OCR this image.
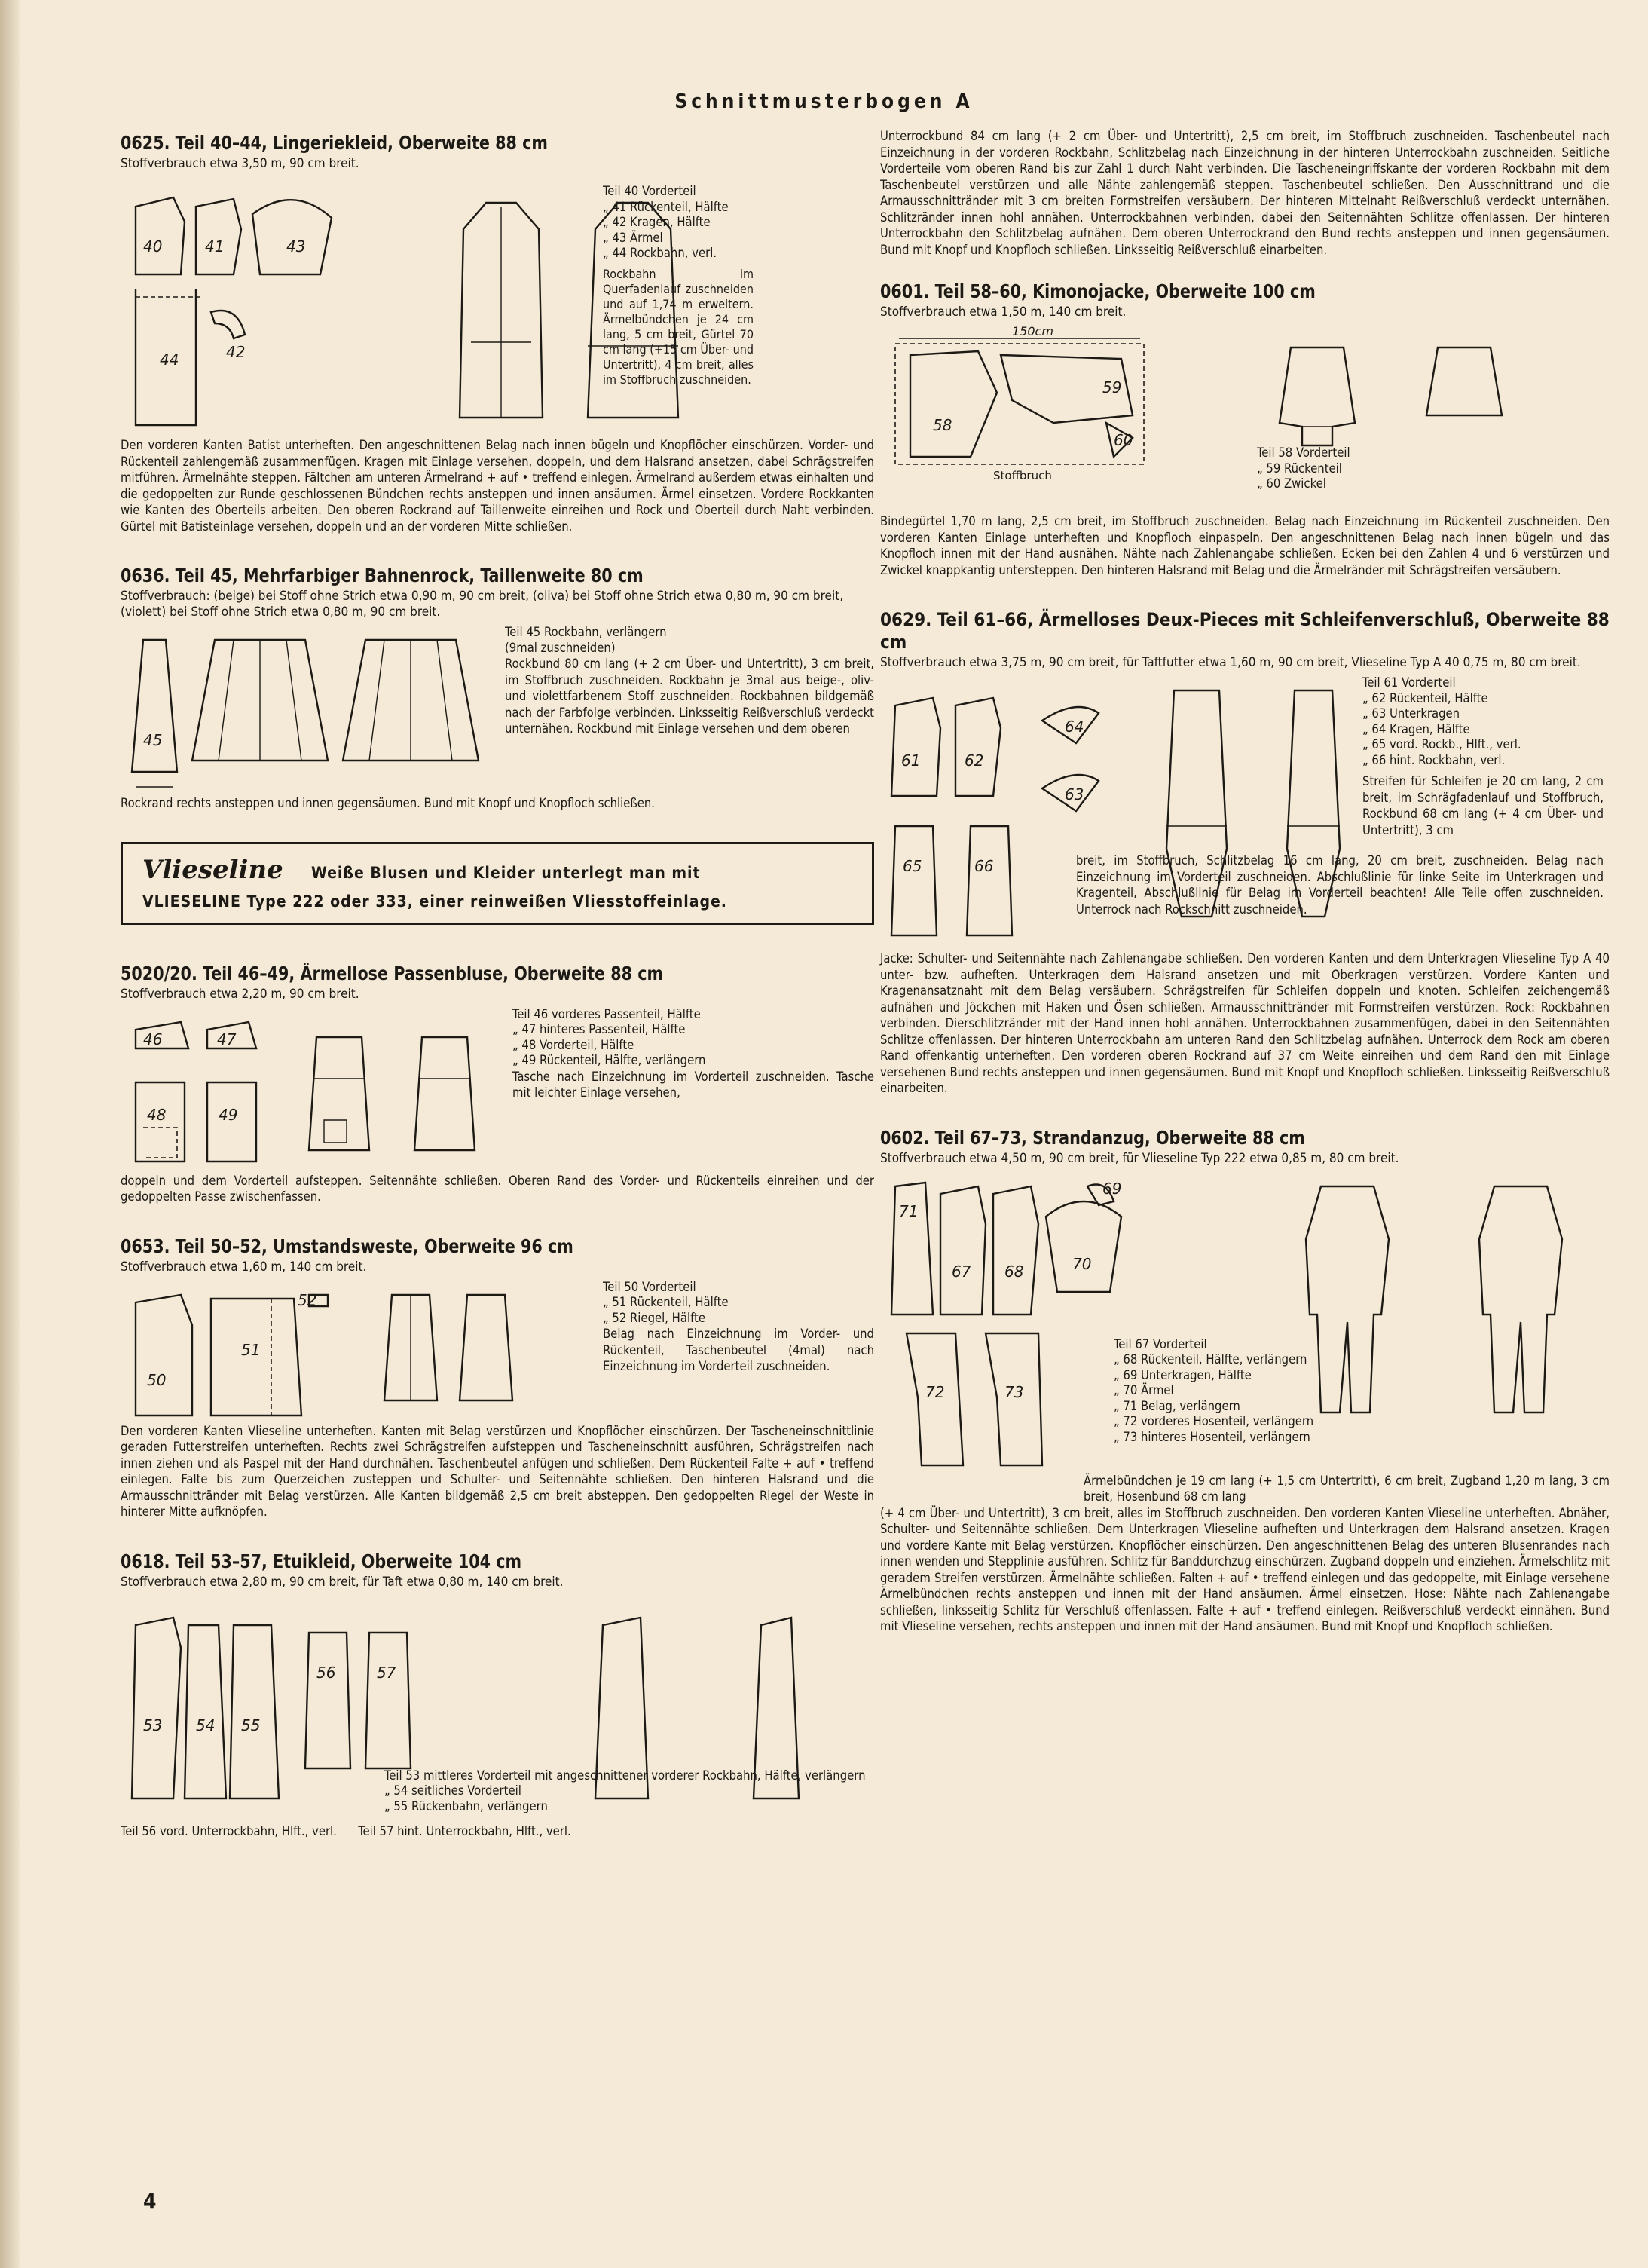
Schnittmusterbogen A
0625. Teil 40–44, Lingeriekleid, Oberweite 88 cm
Stoffverbrauch etwa 3,50 m, 90 cm breit.
40	41	43
42
44
Teil 40 Vorderteil
„ 41 Rückenteil, Hälfte
„ 42 Kragen, Hälfte
„ 43 Ärmel
„ 44 Rockbahn, verl.

Rockbahn im Querfadenlauf zuschneiden und auf 1,74 m erweitern. Ärmelbündchen je 24 cm lang, 5 cm breit, Gürtel 70 cm lang (+15 cm Über- und Untertritt), 4 cm breit, alles im Stoffbruch zuschneiden.

Den vorderen Kanten Batist unterheften. Den angeschnittenen Belag nach innen bügeln und Knopflöcher einschürzen. Vorder- und Rückenteil zahlengemäß zusammenfügen. Kragen mit Einlage versehen, doppeln, und dem Halsrand ansetzen, dabei Schrägstreifen mitführen. Ärmelnähte steppen. Fältchen am unteren Ärmelrand + auf • treffend einlegen. Ärmelrand außerdem etwas einhalten und die gedoppelten zur Runde geschlossenen Bündchen rechts ansteppen und innen ansäumen. Ärmel einsetzen. Vordere Rockkanten wie Kanten des Oberteils arbeiten. Den oberen Rockrand auf Taillenweite einreihen und Rock und Oberteil durch Naht verbinden. Gürtel mit Batisteinlage versehen, doppeln und an der vorderen Mitte schließen.

0636. Teil 45, Mehrfarbiger Bahnenrock, Taillenweite 80 cm
Stoffverbrauch: (beige) bei Stoff ohne Strich etwa 0,90 m, 90 cm breit, (oliva) bei Stoff ohne Strich etwa 0,80 m, 90 cm breit, (violett) bei Stoff ohne Strich etwa 0,80 m, 90 cm breit.
45
Teil 45 Rockbahn, verlängern
(9mal zuschneiden)

Rockbund 80 cm lang (+ 2 cm Über- und Untertritt), 3 cm breit, im Stoffbruch zuschneiden. Rockbahn je 3mal aus beige-, oliv- und violettfarbenem Stoff zuschneiden. Rockbahnen bildgemäß nach der Farbfolge verbinden. Linksseitig Reißverschluß verdeckt unternähen. Rockbund mit Einlage versehen und dem oberen

Rockrand rechts ansteppen und innen gegensäumen. Bund mit Knopf und Knopfloch schließen.

Vlieseline Weiße Blusen und Kleider unterlegt man mit
VLIESELINE Type 222 oder 333, einer reinweißen Vliesstoffeinlage.
5020/20. Teil 46–49, Ärmellose Passenbluse, Oberweite 88 cm
Stoffverbrauch etwa 2,20 m, 90 cm breit.
46	47
48	49
Teil 46 vorderes Passenteil, Hälfte
„ 47 hinteres Passenteil, Hälfte
„ 48 Vorderteil, Hälfte
„ 49 Rückenteil, Hälfte, verlängern

Tasche nach Einzeichnung im Vorderteil zuschneiden. Tasche mit leichter Einlage versehen,

doppeln und dem Vorderteil aufsteppen. Seitennähte schließen. Oberen Rand des Vorder- und Rückenteils einreihen und der gedoppelten Passe zwischenfassen.

0653. Teil 50–52, Umstandsweste, Oberweite 96 cm
Stoffverbrauch etwa 1,60 m, 140 cm breit.
50
51
52
Teil 50 Vorderteil
„ 51 Rückenteil, Hälfte
„ 52 Riegel, Hälfte

Belag nach Einzeichnung im Vorder- und Rückenteil, Taschenbeutel (4mal) nach Einzeichnung im Vorderteil zuschneiden.

Den vorderen Kanten Vlieseline unterheften. Kanten mit Belag verstürzen und Knopflöcher einschürzen. Der Tascheneinschnittlinie geraden Futterstreifen unterheften. Rechts zwei Schrägstreifen aufsteppen und Tascheneinschnitt ausführen, Schrägstreifen nach innen ziehen und als Paspel mit der Hand durchnähen. Taschenbeutel anfügen und schließen. Dem Rückenteil Falte + auf • treffend einlegen. Falte bis zum Querzeichen zusteppen und Schulter- und Seitennähte schließen. Den hinteren Halsrand und die Armausschnittränder mit Belag verstürzen. Alle Kanten bildgemäß 2,5 cm breit absteppen. Den gedoppelten Riegel der Weste in hinterer Mitte aufknöpfen.

0618. Teil 53–57, Etuikleid, Oberweite 104 cm
Stoffverbrauch etwa 2,80 m, 90 cm breit, für Taft etwa 0,80 m, 140 cm breit.
53 54 55
56	57
Teil 53 mittleres Vorderteil mit angeschnittener vorderer Rockbahn, Hälfte, verlängern
„ 54 seitliches Vorderteil
„ 55 Rückenbahn, verlängern
Teil 56 vord. Unterrockbahn, Hlft., verl. Teil 57 hint. Unterrockbahn, Hlft., verl.
4

Unterrockbund 84 cm lang (+ 2 cm Über- und Untertritt), 2,5 cm breit, im Stoffbruch zuschneiden. Taschenbeutel nach Einzeichnung in der vorderen Rockbahn, Schlitzbelag nach Einzeichnung in der hinteren Unterrockbahn zuschneiden. Seitliche Vorderteile vom oberen Rand bis zur Zahl 1 durch Naht verbinden. Die Tascheneingriffskante der vorderen Rockbahn mit dem Taschenbeutel verstürzen und alle Nähte zahlengemäß steppen. Taschenbeutel schließen. Den Ausschnittrand und die Armausschnittränder mit 3 cm breiten Formstreifen versäubern. Der hinteren Mittelnaht Reißverschluß verdeckt unternähen. Schlitzränder innen hohl annähen. Unterrockbahnen verbinden, dabei den Seitennähten Schlitze offenlassen. Der hinteren Unterrockbahn den Schlitzbelag aufnähen. Dem oberen Unterrockrand den Bund rechts ansteppen und innen gegensäumen. Bund mit Knopf und Knopfloch schließen. Linksseitig Reißverschluß einarbeiten.

0601. Teil 58–60, Kimonojacke, Oberweite 100 cm
Stoffverbrauch etwa 1,50 m, 140 cm breit.
150cm
58
59
60
Stoffbruch
Teil 58 Vorderteil
„ 59 Rückenteil
„ 60 Zwickel

Bindegürtel 1,70 m lang, 2,5 cm breit, im Stoffbruch zuschneiden. Belag nach Einzeichnung im Rückenteil zuschneiden. Den vorderen Kanten Einlage unterheften und Knopfloch einpaspeln. Den angeschnittenen Belag nach innen bügeln und das Knopfloch innen mit der Hand ausnähen. Nähte nach Zahlenangabe schließen. Ecken bei den Zahlen 4 und 6 verstürzen und Zwickel knappkantig untersteppen. Den hinteren Halsrand mit Belag und die Ärmelränder mit Schrägstreifen versäubern.

0629. Teil 61–66, Ärmelloses Deux-Pieces mit Schleifenverschluß, Oberweite 88 cm
Stoffverbrauch etwa 3,75 m, 90 cm breit, für Taftfutter etwa 1,60 m, 90 cm breit, Vlieseline Typ A 40 0,75 m, 80 cm breit.
61	62
64
63
65	66
Teil 61 Vorderteil
„ 62 Rückenteil, Hälfte
„ 63 Unterkragen
„ 64 Kragen, Hälfte
„ 65 vord. Rockb., Hlft., verl.
„ 66 hint. Rockbahn, verl.

Streifen für Schleifen je 20 cm lang, 2 cm breit, im Schrägfadenlauf und Stoffbruch, Rockbund 68 cm lang (+ 4 cm Über- und Untertritt), 3 cm

breit, im Stoffbruch, Schlitzbelag 16 cm lang, 20 cm breit, zuschneiden. Belag nach Einzeichnung im Vorderteil zuschneiden. Abschlußlinie für linke Seite im Unterkragen und Kragenteil, Abschlußlinie für Belag im Vorderteil beachten! Alle Teile offen zuschneiden. Unterrock nach Rockschnitt zuschneiden.

Jacke: Schulter- und Seitennähte nach Zahlenangabe schließen. Den vorderen Kanten und dem Unterkragen Vlieseline Typ A 40 unter- bzw. aufheften. Unterkragen dem Halsrand ansetzen und mit Oberkragen verstürzen. Vordere Kanten und Kragenansatznaht mit dem Belag versäubern. Schrägstreifen für Schleifen doppeln und knoten. Schleifen zeichengemäß aufnähen und Jöckchen mit Haken und Ösen schließen. Armausschnittränder mit Formstreifen verstürzen. Rock: Rockbahnen verbinden. Dierschlitzränder mit der Hand innen hohl annähen. Unterrockbahnen zusammenfügen, dabei in den Seitennähten Schlitze offenlassen. Der hinteren Unterrockbahn am unteren Rand den Schlitzbelag aufnähen. Unterrock dem Rock am oberen Rand offenkantig unterheften. Den vorderen oberen Rockrand auf 37 cm Weite einreihen und dem Rand den mit Einlage versehenen Bund rechts ansteppen und innen gegensäumen. Bund mit Knopf und Knopfloch schließen. Linksseitig Reißverschluß einarbeiten.

0602. Teil 67–73, Strandanzug, Oberweite 88 cm
Stoffverbrauch etwa 4,50 m, 90 cm breit, für Vlieseline Typ 222 etwa 0,85 m, 80 cm breit.
71
67 68	70
69
72	73
Teil 67 Vorderteil
„ 68 Rückenteil, Hälfte, verlängern
„ 69 Unterkragen, Hälfte
„ 70 Ärmel
„ 71 Belag, verlängern
„ 72 vorderes Hosenteil, verlängern
„ 73 hinteres Hosenteil, verlängern

Ärmelbündchen je 19 cm lang (+ 1,5 cm Untertritt), 6 cm breit, Zugband 1,20 m lang, 3 cm breit, Hosenbund 68 cm lang

(+ 4 cm Über- und Untertritt), 3 cm breit, alles im Stoffbruch zuschneiden. Den vorderen Kanten Vlieseline unterheften. Abnäher, Schulter- und Seitennähte schließen. Dem Unterkragen Vlieseline aufheften und Unterkragen dem Halsrand ansetzen. Kragen und vordere Kante mit Belag verstürzen. Knopflöcher einschürzen. Den angeschnittenen Belag des unteren Blusenrandes nach innen wenden und Stepplinie ausführen. Schlitz für Banddurchzug einschürzen. Zugband doppeln und einziehen. Ärmelschlitz mit geradem Streifen verstürzen. Ärmelnähte schließen. Falten + auf • treffend einlegen und das gedoppelte, mit Einlage versehene Ärmelbündchen rechts ansteppen und innen mit der Hand ansäumen. Ärmel einsetzen. Hose: Nähte nach Zahlenangabe schließen, linksseitig Schlitz für Verschluß offenlassen. Falte + auf • treffend einlegen. Reißverschluß verdeckt einnähen. Bund mit Vlieseline versehen, rechts ansteppen und innen mit der Hand ansäumen. Bund mit Knopf und Knopfloch schließen.
